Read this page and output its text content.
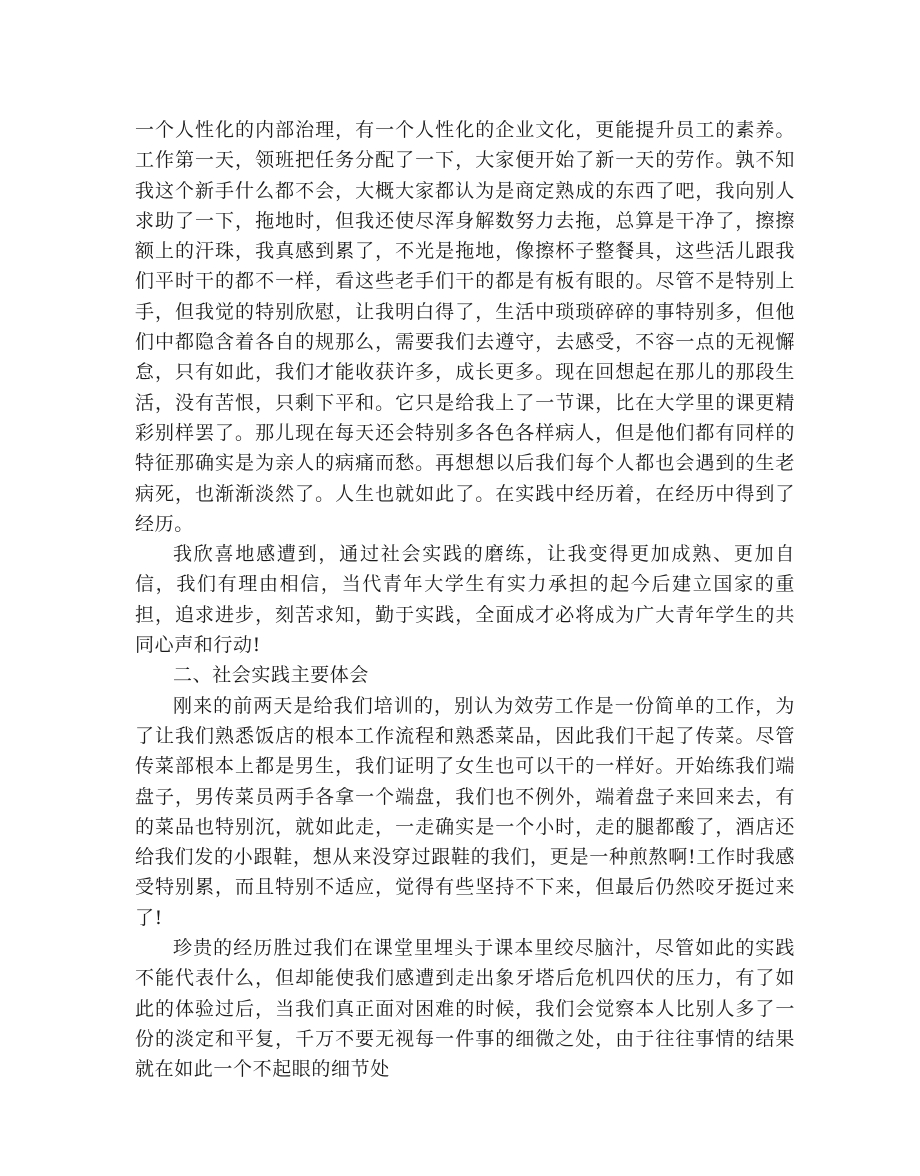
一个人性化的内部治理，有一个人性化的企业文化，更能提升员工的素养。工作第一天，领班把任务分配了一下，大家便开始了新一天的劳作。孰不知我这个新手什么都不会，大概大家都认为是商定熟成的东西了吧，我向别人求助了一下，拖地时，但我还使尽浑身解数努力去拖，总算是干净了，擦擦额上的汗珠，我真感到累了，不光是拖地，像擦杯子整餐具，这些活儿跟我们平时干的都不一样，看这些老手们干的都是有板有眼的。尽管不是特别上手，但我觉的特别欣慰，让我明白得了，生活中琐琐碎碎的事特别多，但他们中都隐含着各自的规那么，需要我们去遵守，去感受，不容一点的无视懈怠，只有如此，我们才能收获许多，成长更多。现在回想起在那儿的那段生活，没有苦恨，只剩下平和。它只是给我上了一节课，比在大学里的课更精彩别样罢了。那儿现在每天还会特别多各色各样病人，但是他们都有同样的特征那确实是为亲人的病痛而愁。再想想以后我们每个人都也会遇到的生老病死，也渐渐淡然了。人生也就如此了。在实践中经历着，在经历中得到了经历。

我欣喜地感遭到，通过社会实践的磨练，让我变得更加成熟、更加自信，我们有理由相信，当代青年大学生有实力承担的起今后建立国家的重担，追求进步，刻苦求知，勤于实践，全面成才必将成为广大青年学生的共同心声和行动!

二、社会实践主要体会

刚来的前两天是给我们培训的，别认为效劳工作是一份简单的工作，为了让我们熟悉饭店的根本工作流程和熟悉菜品，因此我们干起了传菜。尽管传菜部根本上都是男生，我们证明了女生也可以干的一样好。开始练我们端盘子，男传菜员两手各拿一个端盘，我们也不例外，端着盘子来回来去，有的菜品也特别沉，就如此走，一走确实是一个小时，走的腿都酸了，酒店还给我们发的小跟鞋，想从来没穿过跟鞋的我们，更是一种煎熬啊!工作时我感受特别累，而且特别不适应，觉得有些坚持不下来，但最后仍然咬牙挺过来了!

珍贵的经历胜过我们在课堂里埋头于课本里绞尽脑汁，尽管如此的实践不能代表什么，但却能使我们感遭到走出象牙塔后危机四伏的压力，有了如此的体验过后，当我们真正面对困难的时候，我们会觉察本人比别人多了一份的淡定和平复，千万不要无视每一件事的细微之处，由于往往事情的结果就在如此一个不起眼的细节处
